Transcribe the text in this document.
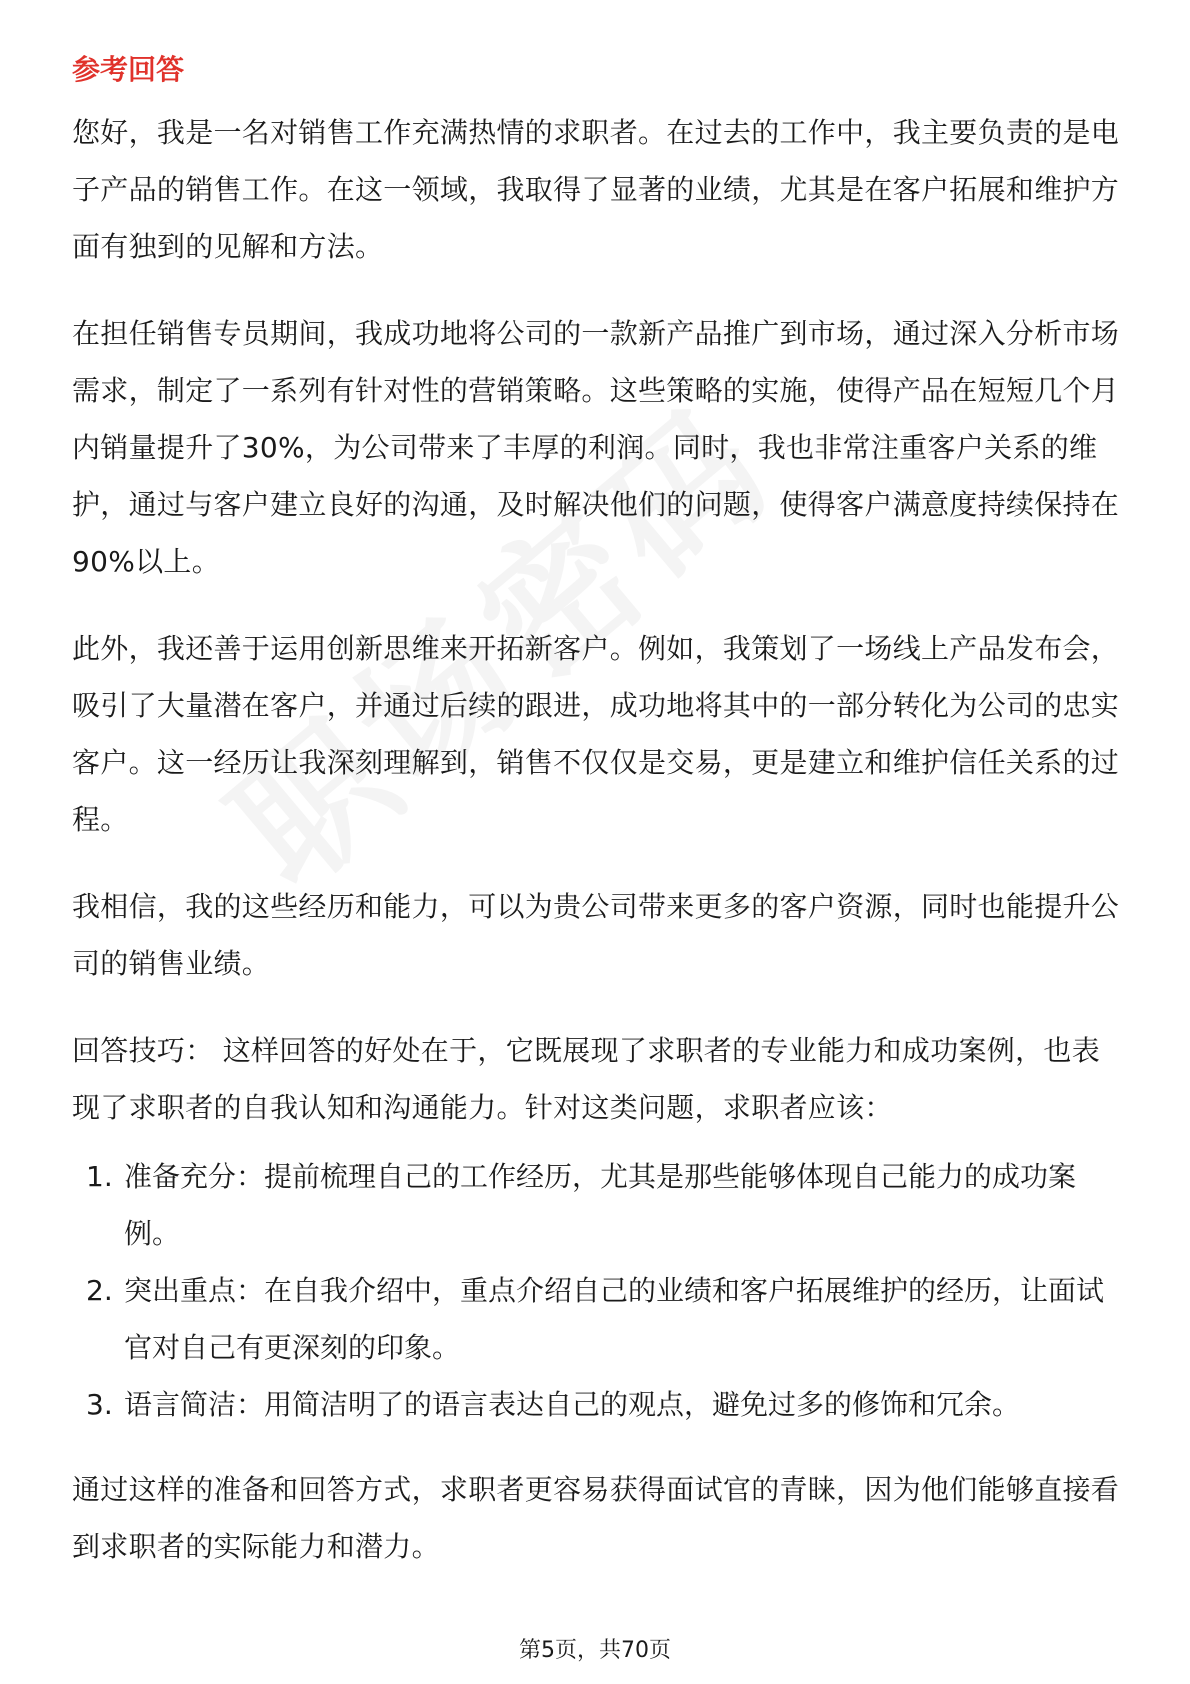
参考回答

您好，我是一名对销售工作充满热情的求职者。在过去的工作中，我主要负责的是电子产品的销售工作。在这一领域，我取得了显著的业绩，尤其是在客户拓展和维护方面有独到的见解和方法。

在担任销售专员期间，我成功地将公司的一款新产品推广到市场，通过深入分析市场需求，制定了一系列有针对性的营销策略。这些策略的实施，使得产品在短短几个月内销量提升了30%，为公司带来了丰厚的利润。同时，我也非常注重客户关系的维护，通过与客户建立良好的沟通，及时解决他们的问题，使得客户满意度持续保持在90%以上。

此外，我还善于运用创新思维来开拓新客户。例如，我策划了一场线上产品发布会，吸引了大量潜在客户，并通过后续的跟进，成功地将其中的一部分转化为公司的忠实客户。这一经历让我深刻理解到，销售不仅仅是交易，更是建立和维护信任关系的过程。

我相信，我的这些经历和能力，可以为贵公司带来更多的客户资源，同时也能提升公司的销售业绩。

回答技巧： 这样回答的好处在于，它既展现了求职者的专业能力和成功案例，也表现了求职者的自我认知和沟通能力。针对这类问题，求职者应该：

1. 准备充分：提前梳理自己的工作经历，尤其是那些能够体现自己能力的成功案例。
2. 突出重点：在自我介绍中，重点介绍自己的业绩和客户拓展维护的经历，让面试官对自己有更深刻的印象。
3. 语言简洁：用简洁明了的语言表达自己的观点，避免过多的修饰和冗余。

通过这样的准备和回答方式，求职者更容易获得面试官的青睐，因为他们能够直接看到求职者的实际能力和潜力。

第5页，共70页
